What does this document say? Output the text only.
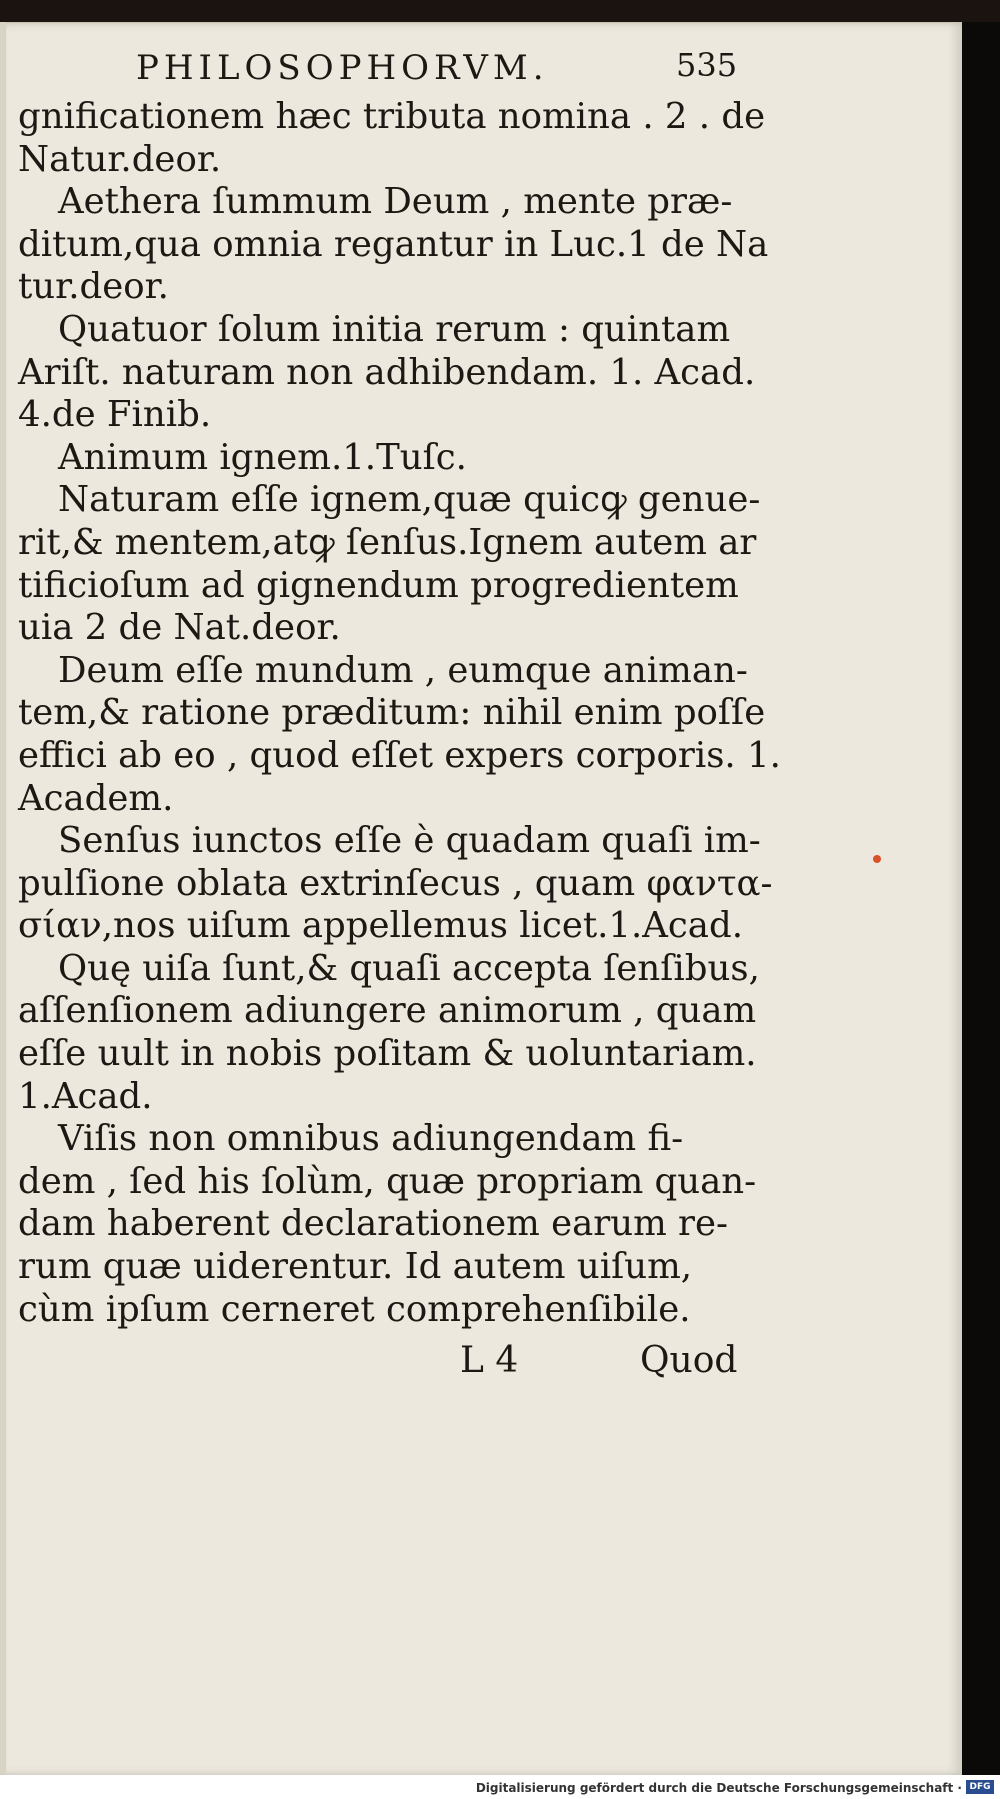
PHILOSOPHORVM.	535
gnificationem hæc tributa nomina . 2 . de
Natur.deor.
Aethera ſummum Deum , mente præ-
ditum,qua omnia regantur in Luc.1 de Na
tur.deor.
Quatuor ſolum initia rerum : quintam
Ariſt. naturam non adhibendam. 1. Acad.
4.de Finib.
Animum ignem.1.Tuſc.
Naturam eſſe ignem,quæ quicꝙ genue-
rit,& mentem,atꝙ ſenſus.Ignem autem ar
tificioſum ad gignendum progredientem
uia 2 de Nat.deor.
Deum eſſe mundum , eumque animan-
tem,& ratione præditum: nihil enim poſſe
effici ab eo , quod eſſet expers corporis. 1.
Academ.
Senſus iunctos eſſe è quadam quaſi im-
pulſione oblata extrinſecus , quam φαντα-
σίαν,nos uiſum appellemus licet.1.Acad.
Quę uiſa ſunt,& quaſi accepta ſenſibus,
aſſenſionem adiungere animorum , quam
eſſe uult in nobis poſitam & uoluntariam.
1.Acad.
Viſis non omnibus adiungendam fi-
dem , ſed his ſolùm, quæ propriam quan-
dam haberent declarationem earum re-
rum quæ uiderentur. Id autem uiſum,
cùm ipſum cerneret comprehenſibile.
L 4	Quod
Digitalisierung gefördert durch die Deutsche Forschungsgemeinschaft · DFG
